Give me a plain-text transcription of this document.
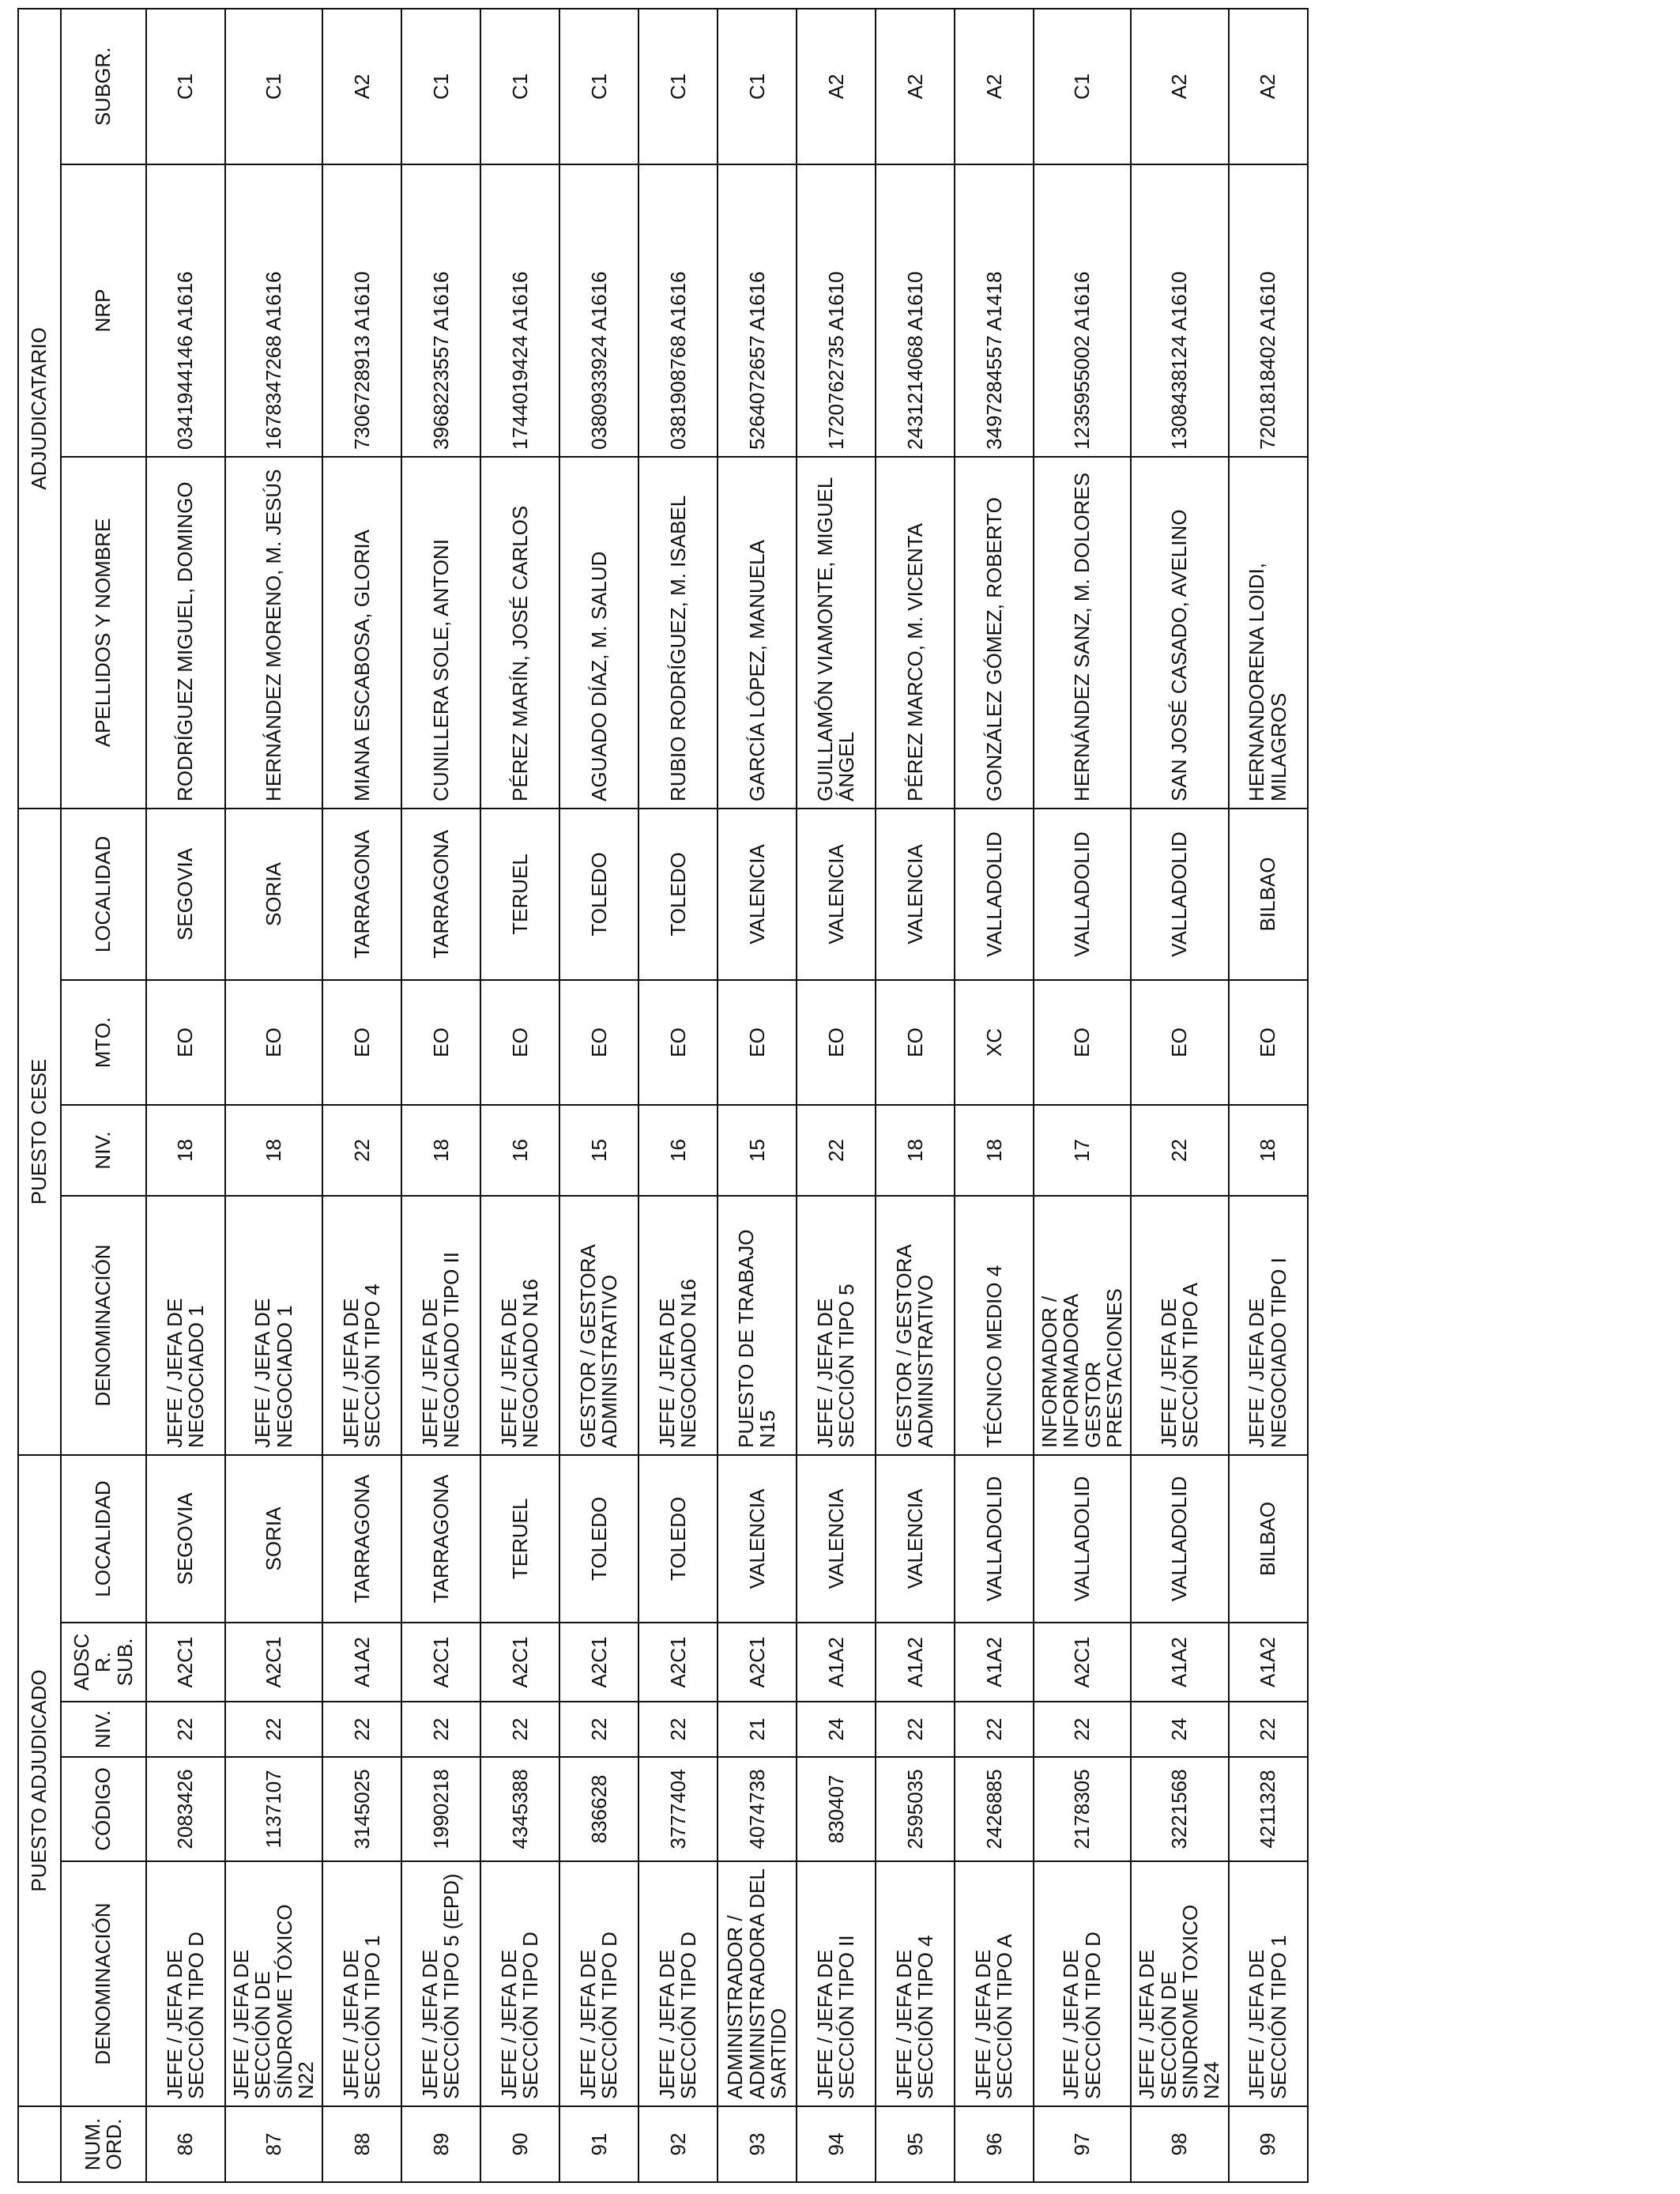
	PUESTO ADJUDICADO					PUESTO CESE				ADJUDICATARIO		
NUM. ORD.	DENOMINACIÓN	CÓDIGO	NIV.	ADSCR. SUB.	LOCALIDAD	DENOMINACIÓN	NIV.	MTO.	LOCALIDAD	APELLIDOS Y NOMBRE	NRP	SUBGR.
86	JEFE / JEFA DE SECCIÓN TIPO D	2083426	22	A2C1	SEGOVIA	JEFE / JEFA DE NEGOCIADO 1	18	EO	SEGOVIA	RODRÍGUEZ MIGUEL, DOMINGO	0341944146 A1616	C1
87	JEFE / JEFA DE SECCIÓN DE SÍNDROME TÓXICO N22	1137107	22	A2C1	SORIA	JEFE / JEFA DE NEGOCIADO 1	18	EO	SORIA	HERNÁNDEZ MORENO, M. JESÚS	1678347268 A1616	C1
88	JEFE / JEFA DE SECCIÓN TIPO 1	3145025	22	A1A2	TARRAGONA	JEFE / JEFA DE SECCIÓN TIPO 4	22	EO	TARRAGONA	MIANA ESCABOSA, GLORIA	7306728913 A1610	A2
89	JEFE / JEFA DE SECCIÓN TIPO 5 (EPD)	1990218	22	A2C1	TARRAGONA	JEFE / JEFA DE NEGOCIADO TIPO II	18	EO	TARRAGONA	CUNILLERA SOLE, ANTONI	3968223557 A1616	C1
90	JEFE / JEFA DE SECCIÓN TIPO D	4345388	22	A2C1	TERUEL	JEFE / JEFA DE NEGOCIADO N16	16	EO	TERUEL	PÉREZ MARÍN, JOSÉ CARLOS	1744019424 A1616	C1
91	JEFE / JEFA DE SECCIÓN TIPO D	836628	22	A2C1	TOLEDO	GESTOR / GESTORA ADMINISTRATIVO	15	EO	TOLEDO	AGUADO DÍAZ, M. SALUD	0380933924 A1616	C1
92	JEFE / JEFA DE SECCIÓN TIPO D	3777404	22	A2C1	TOLEDO	JEFE / JEFA DE NEGOCIADO N16	16	EO	TOLEDO	RUBIO RODRÍGUEZ, M. ISABEL	0381908768 A1616	C1
93	ADMINISTRADOR / ADMINISTRADORA DEL SARTIDO	4074738	21	A2C1	VALENCIA	PUESTO DE TRABAJO N15	15	EO	VALENCIA	GARCÍA LÓPEZ, MANUELA	5264072657 A1616	C1
94	JEFE / JEFA DE SECCIÓN TIPO II	830407	24	A1A2	VALENCIA	JEFE / JEFA DE SECCIÓN TIPO 5	22	EO	VALENCIA	GUILLAMÓN VIAMONTE, MIGUEL ÁNGEL	1720762735 A1610	A2
95	JEFE / JEFA DE SECCIÓN TIPO 4	2595035	22	A1A2	VALENCIA	GESTOR / GESTORA ADMINISTRATIVO	18	EO	VALENCIA	PÉREZ MARCO, M. VICENTA	2431214068 A1610	A2
96	JEFE / JEFA DE SECCIÓN TIPO A	2426885	22	A1A2	VALLADOLID	TÉCNICO MEDIO 4	18	XC	VALLADOLID	GONZÁLEZ GÓMEZ, ROBERTO	3497284557 A1418	A2
97	JEFE / JEFA DE SECCIÓN TIPO D	2178305	22	A2C1	VALLADOLID	INFORMADOR / INFORMADORA GESTOR PRESTACIONES	17	EO	VALLADOLID	HERNÁNDEZ SANZ, M. DOLORES	1235955002 A1616	C1
98	JEFE / JEFA DE SECCIÓN DE SINDROME TOXICO N24	3221568	24	A1A2	VALLADOLID	JEFE / JEFA DE SECCIÓN TIPO A	22	EO	VALLADOLID	SAN JOSÉ CASADO, AVELINO	1308438124 A1610	A2
99	JEFE / JEFA DE SECCIÓN TIPO 1	4211328	22	A1A2	BILBAO	JEFE / JEFA DE NEGOCIADO TIPO I	18	EO	BILBAO	HERNANDORENA LOIDI, MILAGROS	7201818402 A1610	A2
